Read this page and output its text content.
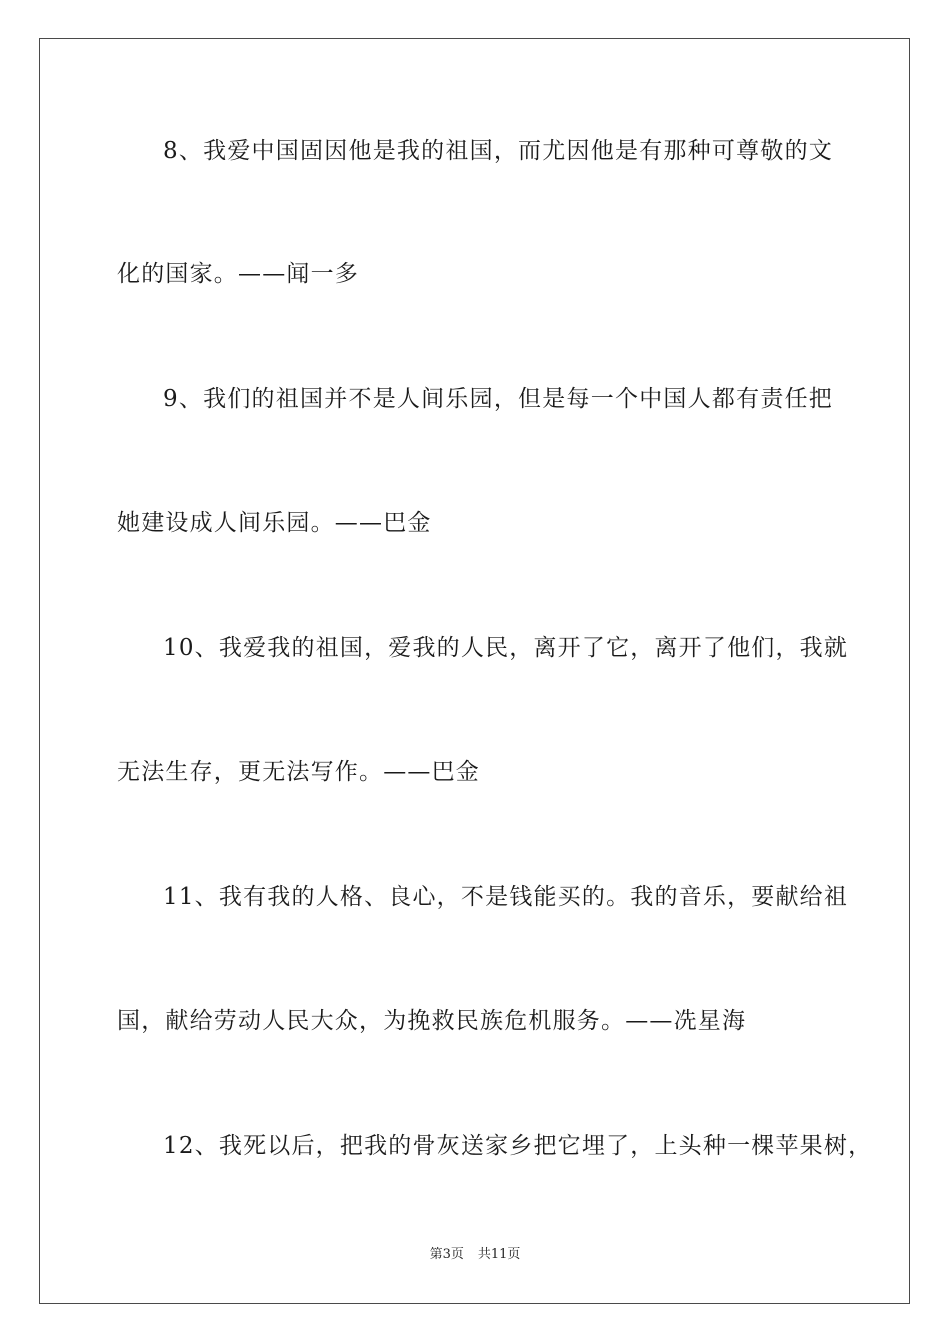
8、我爱中国固因他是我的祖国，而尤因他是有那种可尊敬的文
化的国家。——闻一多
9、我们的祖国并不是人间乐园，但是每一个中国人都有责任把
她建设成人间乐园。——巴金
10、我爱我的祖国，爱我的人民，离开了它，离开了他们，我就
无法生存，更无法写作。——巴金
11、我有我的人格、良心，不是钱能买的。我的音乐，要献给祖
国，献给劳动人民大众，为挽救民族危机服务。——冼星海
12、我死以后，把我的骨灰送家乡把它埋了，上头种一棵苹果树，
第3页 共11页
